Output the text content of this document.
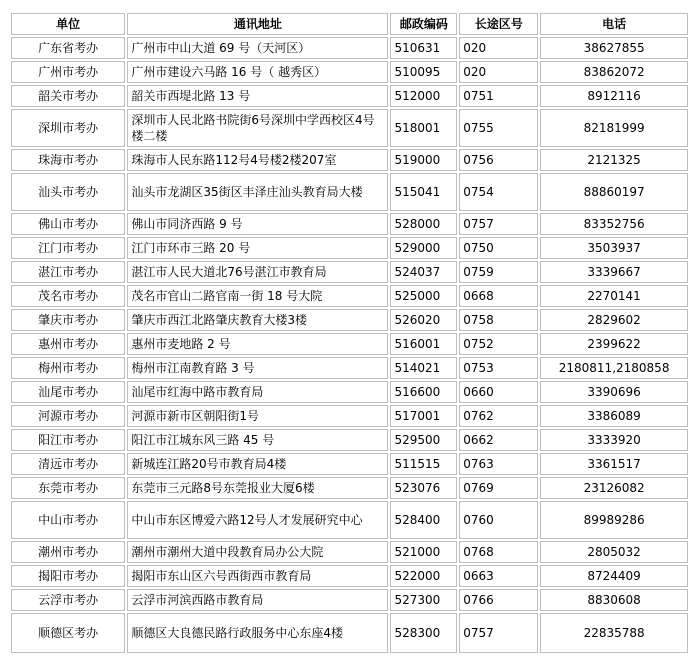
单位	通讯地址	邮政编码	长途区号	电话
广东省考办	广州市中山大道 69 号（天河区）	510631	020	38627855
广州市考办	广州市建设六马路 16 号（ 越秀区）	510095	020	83862072
韶关市考办	韶关市西堤北路 13 号	512000	0751	8912116
深圳市考办	深圳市人民北路书院街6号深圳中学西校区4号楼二楼	518001	0755	82181999
珠海市考办	珠海市人民东路112号4号楼2楼207室	519000	0756	2121325
汕头市考办	汕头市龙湖区35街区丰泽庄汕头教育局大楼	515041	0754	88860197
佛山市考办	佛山市同济西路 9 号	528000	0757	83352756
江门市考办	江门市环市三路 20 号	529000	0750	3503937
湛江市考办	湛江市人民大道北76号湛江市教育局	524037	0759	3339667
茂名市考办	茂名市官山二路官南一街 18 号大院	525000	0668	2270141
肇庆市考办	肇庆市西江北路肇庆教育大楼3楼	526020	0758	2829602
惠州市考办	惠州市麦地路 2 号	516001	0752	2399622
梅州市考办	梅州市江南教育路 3 号	514021	0753	2180811,2180858
汕尾市考办	汕尾市红海中路市教育局	516600	0660	3390696
河源市考办	河源市新市区朝阳街1号	517001	0762	3386089
阳江市考办	阳江市江城东风三路 45 号	529500	0662	3333920
清远市考办	新城连江路20号市教育局4楼	511515	0763	3361517
东莞市考办	东莞市三元路8号东莞报业大厦6楼	523076	0769	23126082
中山市考办	中山市东区博爱六路12号人才发展研究中心	528400	0760	89989286
潮州市考办	潮州市潮州大道中段教育局办公大院	521000	0768	2805032
揭阳市考办	揭阳市东山区六号西街西市教育局	522000	0663	8724409
云浮市考办	云浮市河滨西路市教育局	527300	0766	8830608
顺德区考办	顺德区大良德民路行政服务中心东座4楼	528300	0757	22835788
